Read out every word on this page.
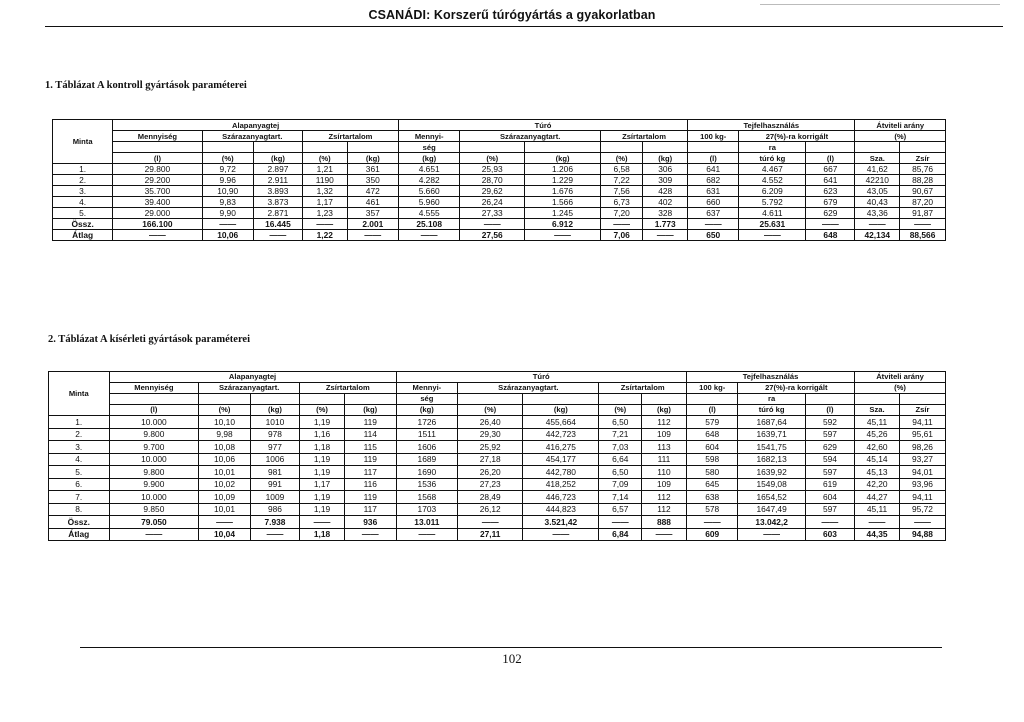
CSANÁDI: Korszerű túrógyártás a gyakorlatban
1. Táblázat A kontroll gyártások paraméterei
Minta	Alapanyagtej					Túró					Tejfelhasználás			Átviteli arány	
	Mennyiség	Szárazanyagtart.		Zsírtartalom		Mennyi-	Szárazanyagtart.		Zsírtartalom		100 kg-	27(%)-ra korrigált		(%)	
						ség						ra			
	(l)	(%)	(kg)	(%)	(kg)	(kg)	(%)	(kg)	(%)	(kg)	(l)	túró kg	(l)	Sza.	Zsír
1.	29.800	9,72	2.897	1,21	361	4.651	25,93	1.206	6,58	306	641	4.467	667	41,62	85,76
2.	29.200	9.96	2.911	1190	350	4.282	28,70	1.229	7,22	309	682	4.552	641	42210	88,28
3.	35.700	10,90	3.893	1,32	472	5.660	29,62	1.676	7,56	428	631	6.209	623	43,05	90,67
4.	39.400	9,83	3.873	1,17	461	5.960	26,24	1.566	6,73	402	660	5.792	679	40,43	87,20
5.	29.000	9,90	2.871	1,23	357	4.555	27,33	1.245	7,20	328	637	4.611	629	43,36	91,87
Össz.	166.100	——	16.445	——	2.001	25.108	——	6.912	——	1.773	——	25.631	——	——	——
Átlag	——	10,06	——	1,22	——	——	27,56	——	7,06	——	650	——	648	42,134	88,566
2. Táblázat A kísérleti gyártások paraméterei
Minta	Alapanyagtej					Túró					Tejfelhasználás			Átviteli arány	
	Mennyiség	Szárazanyagtart.		Zsírtartalom		Mennyi-	Szárazanyagtart.		Zsírtartalom		100 kg-	27(%)-ra korrigált		(%)	
						ség						ra			
	(l)	(%)	(kg)	(%)	(kg)	(kg)	(%)	(kg)	(%)	(kg)	(l)	túró kg	(l)	Sza.	Zsír
1.	10.000	10,10	1010	1,19	119	1726	26,40	455,664	6,50	112	579	1687,64	592	45,11	94,11
2.	9.800	9,98	978	1,16	114	1511	29,30	442,723	7,21	109	648	1639,71	597	45,26	95,61
3.	9.700	10,08	977	1,18	115	1606	25,92	416,275	7,03	113	604	1541,75	629	42,60	98,26
4.	10.000	10,06	1006	1,19	119	1689	27,18	454,177	6,64	111	598	1682,13	594	45,14	93,27
5.	9.800	10,01	981	1,19	117	1690	26,20	442,780	6,50	110	580	1639,92	597	45,13	94,01
6.	9.900	10,02	991	1,17	116	1536	27,23	418,252	7,09	109	645	1549,08	619	42,20	93,96
7.	10.000	10,09	1009	1,19	119	1568	28,49	446,723	7,14	112	638	1654,52	604	44,27	94,11
8.	9.850	10,01	986	1,19	117	1703	26,12	444,823	6,57	112	578	1647,49	597	45,11	95,72
Össz.	79.050	——	7.938	——	936	13.011	——	3.521,42	——	888	——	13.042,2	——	——	——
Átlag	——	10,04	——	1,18	——	——	27,11	——	6,84	——	609	——	603	44,35	94,88
102
